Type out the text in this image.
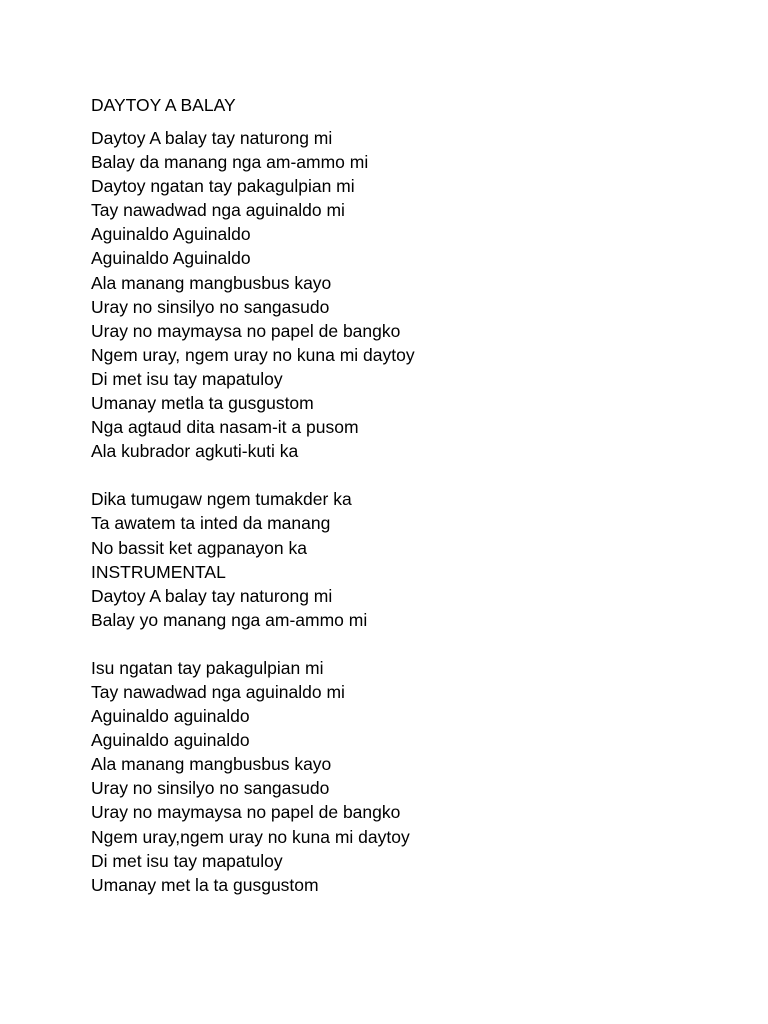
DAYTOY A BALAY
Daytoy A balay tay naturong mi
Balay da manang nga am-ammo mi
Daytoy ngatan tay pakagulpian mi
Tay nawadwad nga aguinaldo mi
Aguinaldo Aguinaldo
Aguinaldo Aguinaldo
Ala manang mangbusbus kayo
Uray no sinsilyo no sangasudo
Uray no maymaysa no papel de bangko
Ngem uray, ngem uray no kuna mi daytoy
Di met isu tay mapatuloy
Umanay metla ta gusgustom
Nga agtaud dita nasam-it a pusom
Ala kubrador agkuti-kuti ka
Dika tumugaw ngem tumakder ka
Ta awatem ta inted da manang
No bassit ket agpanayon ka
INSTRUMENTAL
Daytoy A balay tay naturong mi
Balay yo manang nga am-ammo mi
Isu ngatan tay pakagulpian mi
Tay nawadwad nga aguinaldo mi
Aguinaldo aguinaldo
Aguinaldo aguinaldo
Ala manang mangbusbus kayo
Uray no sinsilyo no sangasudo
Uray no maymaysa no papel de bangko
Ngem uray,ngem uray no kuna mi daytoy
Di met isu tay mapatuloy
Umanay met la ta gusgustom
